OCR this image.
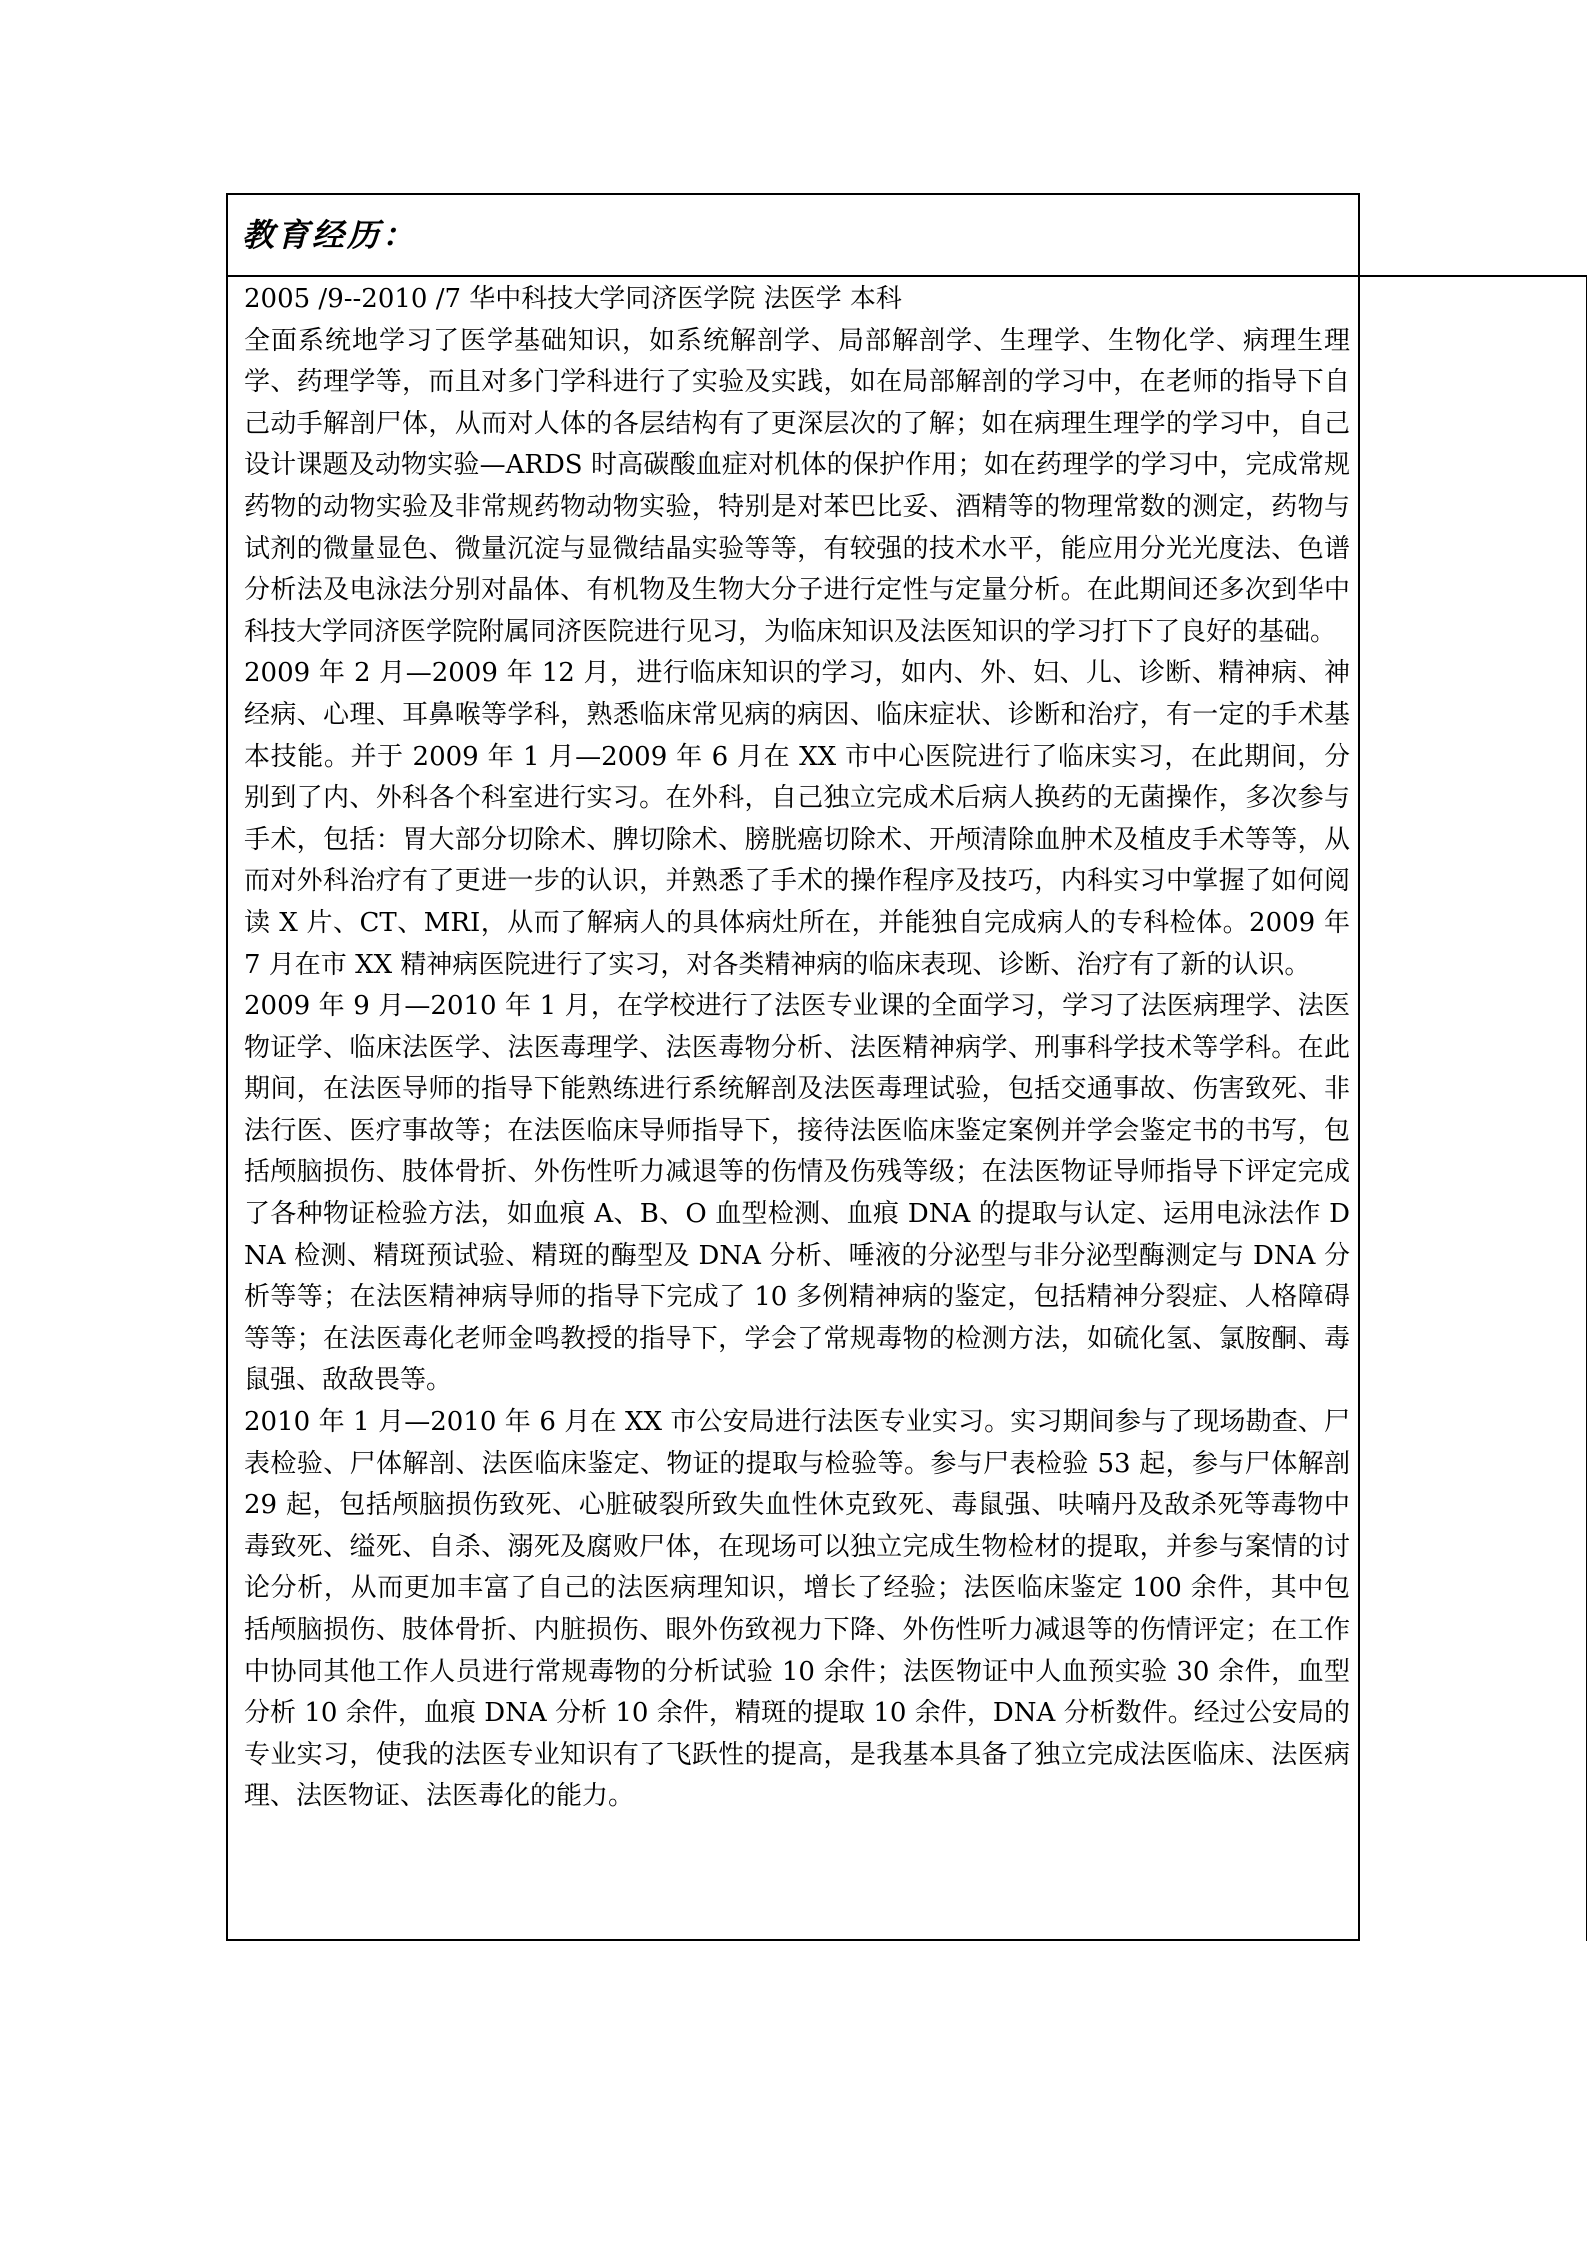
教育经历：

2005 /9--2010 /7 华中科技大学同济医学院 法医学 本科

全面系统地学习了医学基础知识，如系统解剖学、局部解剖学、生理学、生物化学、病理生理学、药理学等，而且对多门学科进行了实验及实践，如在局部解剖的学习中，在老师的指导下自己动手解剖尸体，从而对人体的各层结构有了更深层次的了解；如在病理生理学的学习中，自己设计课题及动物实验—ARDS 时高碳酸血症对机体的保护作用；如在药理学的学习中，完成常规药物的动物实验及非常规药物动物实验，特别是对苯巴比妥、酒精等的物理常数的测定，药物与试剂的微量显色、微量沉淀与显微结晶实验等等，有较强的技术水平，能应用分光光度法、色谱分析法及电泳法分别对晶体、有机物及生物大分子进行定性与定量分析。在此期间还多次到华中科技大学同济医学院附属同济医院进行见习，为临床知识及法医知识的学习打下了良好的基础。

2009 年 2 月—2009 年 12 月，进行临床知识的学习，如内、外、妇、儿、诊断、精神病、神经病、心理、耳鼻喉等学科，熟悉临床常见病的病因、临床症状、诊断和治疗，有一定的手术基本技能。并于 2009 年 1 月—2009 年 6 月在 XX 市中心医院进行了临床实习，在此期间，分别到了内、外科各个科室进行实习。在外科，自己独立完成术后病人换药的无菌操作，多次参与手术，包括：胃大部分切除术、脾切除术、膀胱癌切除术、开颅清除血肿术及植皮手术等等，从而对外科治疗有了更进一步的认识，并熟悉了手术的操作程序及技巧，内科实习中掌握了如何阅读 X 片、CT、MRI，从而了解病人的具体病灶所在，并能独自完成病人的专科检体。2009 年 7 月在市 XX 精神病医院进行了实习，对各类精神病的临床表现、诊断、治疗有了新的认识。

2009 年 9 月—2010 年 1 月，在学校进行了法医专业课的全面学习，学习了法医病理学、法医物证学、临床法医学、法医毒理学、法医毒物分析、法医精神病学、刑事科学技术等学科。在此期间，在法医导师的指导下能熟练进行系统解剖及法医毒理试验，包括交通事故、伤害致死、非法行医、医疗事故等；在法医临床导师指导下，接待法医临床鉴定案例并学会鉴定书的书写，包括颅脑损伤、肢体骨折、外伤性听力减退等的伤情及伤残等级；在法医物证导师指导下评定完成了各种物证检验方法，如血痕 A、B、O 血型检测、血痕 DNA 的提取与认定、运用电泳法作 DNA 检测、精斑预试验、精斑的酶型及 DNA 分析、唾液的分泌型与非分泌型酶测定与 DNA 分析等等；在法医精神病导师的指导下完成了 10 多例精神病的鉴定，包括精神分裂症、人格障碍等等；在法医毒化老师金鸣教授的指导下，学会了常规毒物的检测方法，如硫化氢、氯胺酮、毒鼠强、敌敌畏等。

2010 年 1 月—2010 年 6 月在 XX 市公安局进行法医专业实习。实习期间参与了现场勘查、尸表检验、尸体解剖、法医临床鉴定、物证的提取与检验等。参与尸表检验 53 起，参与尸体解剖 29 起，包括颅脑损伤致死、心脏破裂所致失血性休克致死、毒鼠强、呋喃丹及敌杀死等毒物中毒致死、缢死、自杀、溺死及腐败尸体，在现场可以独立完成生物检材的提取，并参与案情的讨论分析，从而更加丰富了自己的法医病理知识，增长了经验；法医临床鉴定 100 余件，其中包括颅脑损伤、肢体骨折、内脏损伤、眼外伤致视力下降、外伤性听力减退等的伤情评定；在工作中协同其他工作人员进行常规毒物的分析试验 10 余件；法医物证中人血预实验 30 余件，血型分析 10 余件，血痕 DNA 分析 10 余件，精斑的提取 10 余件，DNA 分析数件。经过公安局的专业实习，使我的法医专业知识有了飞跃性的提高，是我基本具备了独立完成法医临床、法医病理、法医物证、法医毒化的能力。
